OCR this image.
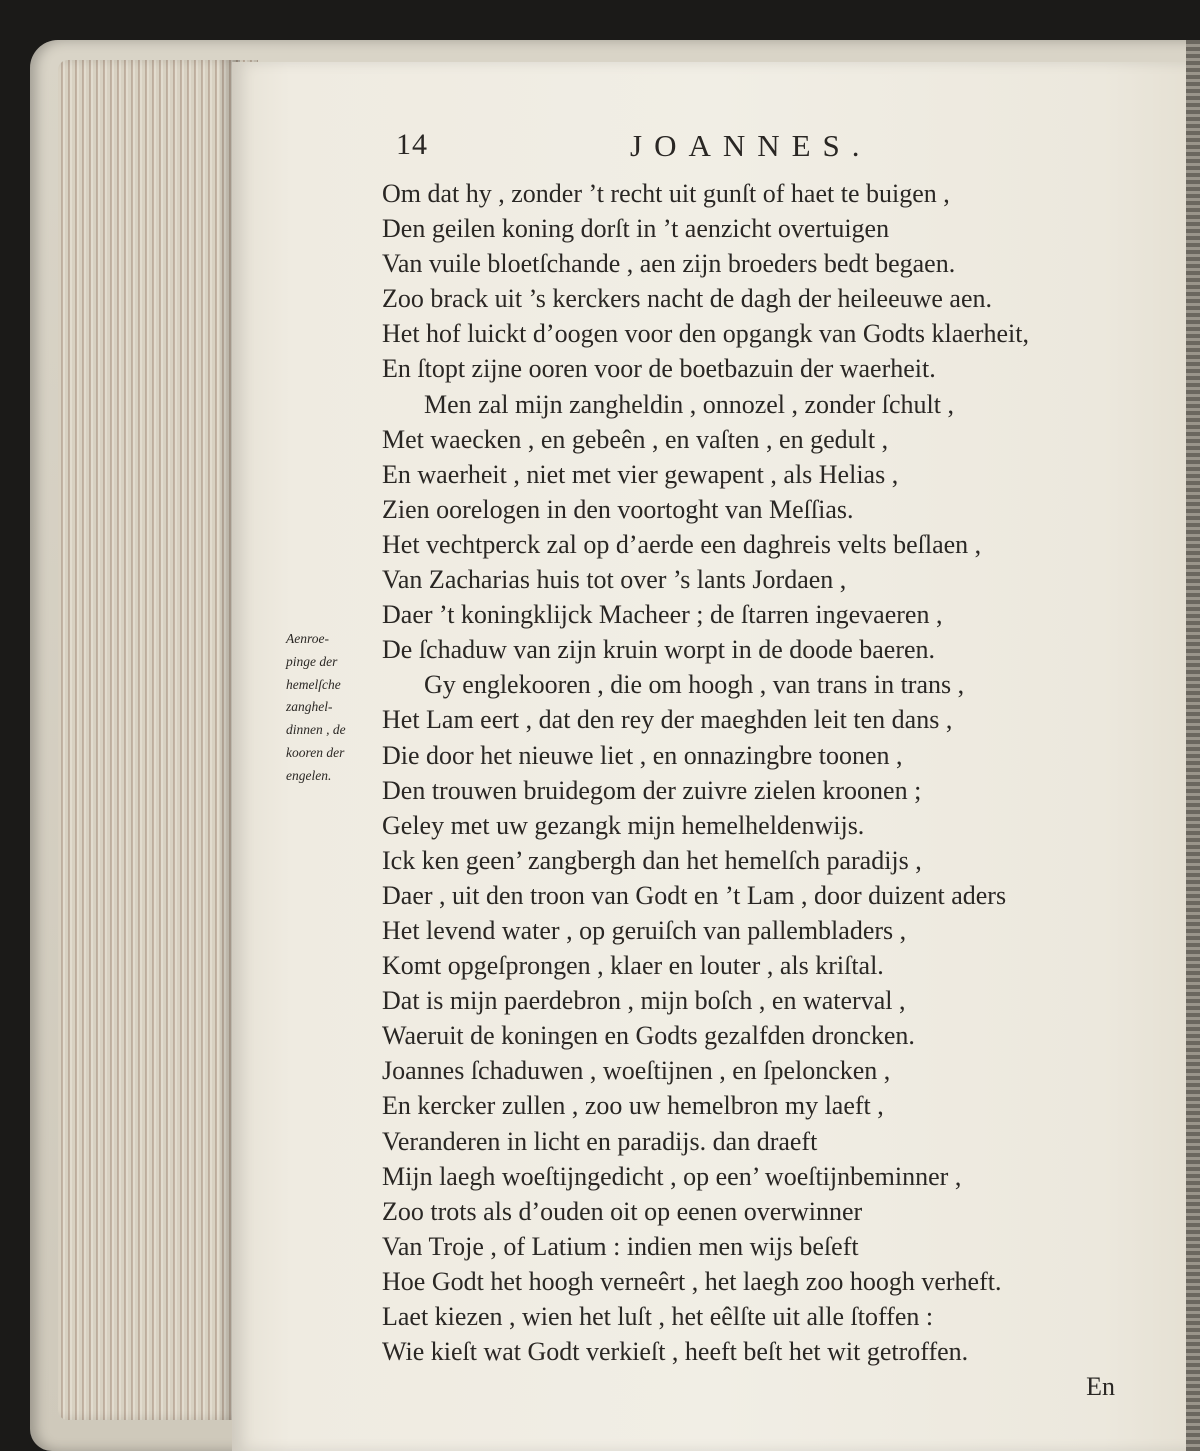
14	JOANNES.
Aenroe-
pinge der
hemelſche
zanghel-
dinnen , de
kooren der
engelen.
Om dat hy , zonder ’t recht uit gunſt of haet te buigen ,
Den geilen koning dorſt in ’t aenzicht overtuigen
Van vuile bloetſchande , aen zijn broeders bedt begaen.
Zoo brack uit ’s kerckers nacht de dagh der heileeuwe aen.
Het hof luickt d’oogen voor den opgangk van Godts klaerheit,
En ſtopt zijne ooren voor de boetbazuin der waerheit.
Men zal mijn zangheldin , onnozel , zonder ſchult ,
Met waecken , en gebeên , en vaſten , en gedult ,
En waerheit , niet met vier gewapent , als Helias ,
Zien oorelogen in den voortoght van Meſſias.
Het vechtperck zal op d’aerde een daghreis velts beſlaen ,
Van Zacharias huis tot over ’s lants Jordaen ,
Daer ’t koningklijck Macheer ; de ſtarren ingevaeren ,
De ſchaduw van zijn kruin worpt in de doode baeren.
Gy englekooren , die om hoogh , van trans in trans ,
Het Lam eert , dat den rey der maeghden leit ten dans ,
Die door het nieuwe liet , en onnazingbre toonen ,
Den trouwen bruidegom der zuivre zielen kroonen ;
Geley met uw gezangk mijn hemelheldenwijs.
Ick ken geen’ zangbergh dan het hemelſch paradijs ,
Daer , uit den troon van Godt en ’t Lam , door duizent aders
Het levend water , op geruiſch van pallembladers ,
Komt opgeſprongen , klaer en louter , als kriſtal.
Dat is mijn paerdebron , mijn boſch , en waterval ,
Waeruit de koningen en Godts gezalfden droncken.
Joannes ſchaduwen , woeſtijnen , en ſpeloncken ,
En kercker zullen , zoo uw hemelbron my laeft ,
Veranderen in licht en paradijs. dan draeft
Mijn laegh woeſtijngedicht , op een’ woeſtijnbeminner ,
Zoo trots als d’ouden oit op eenen overwinner
Van Troje , of Latium : indien men wijs beſeft
Hoe Godt het hoogh verneêrt , het laegh zoo hoogh verheft.
Laet kiezen , wien het luſt , het eêlſte uit alle ſtoffen :
Wie kieſt wat Godt verkieſt , heeft beſt het wit getroffen.
En
